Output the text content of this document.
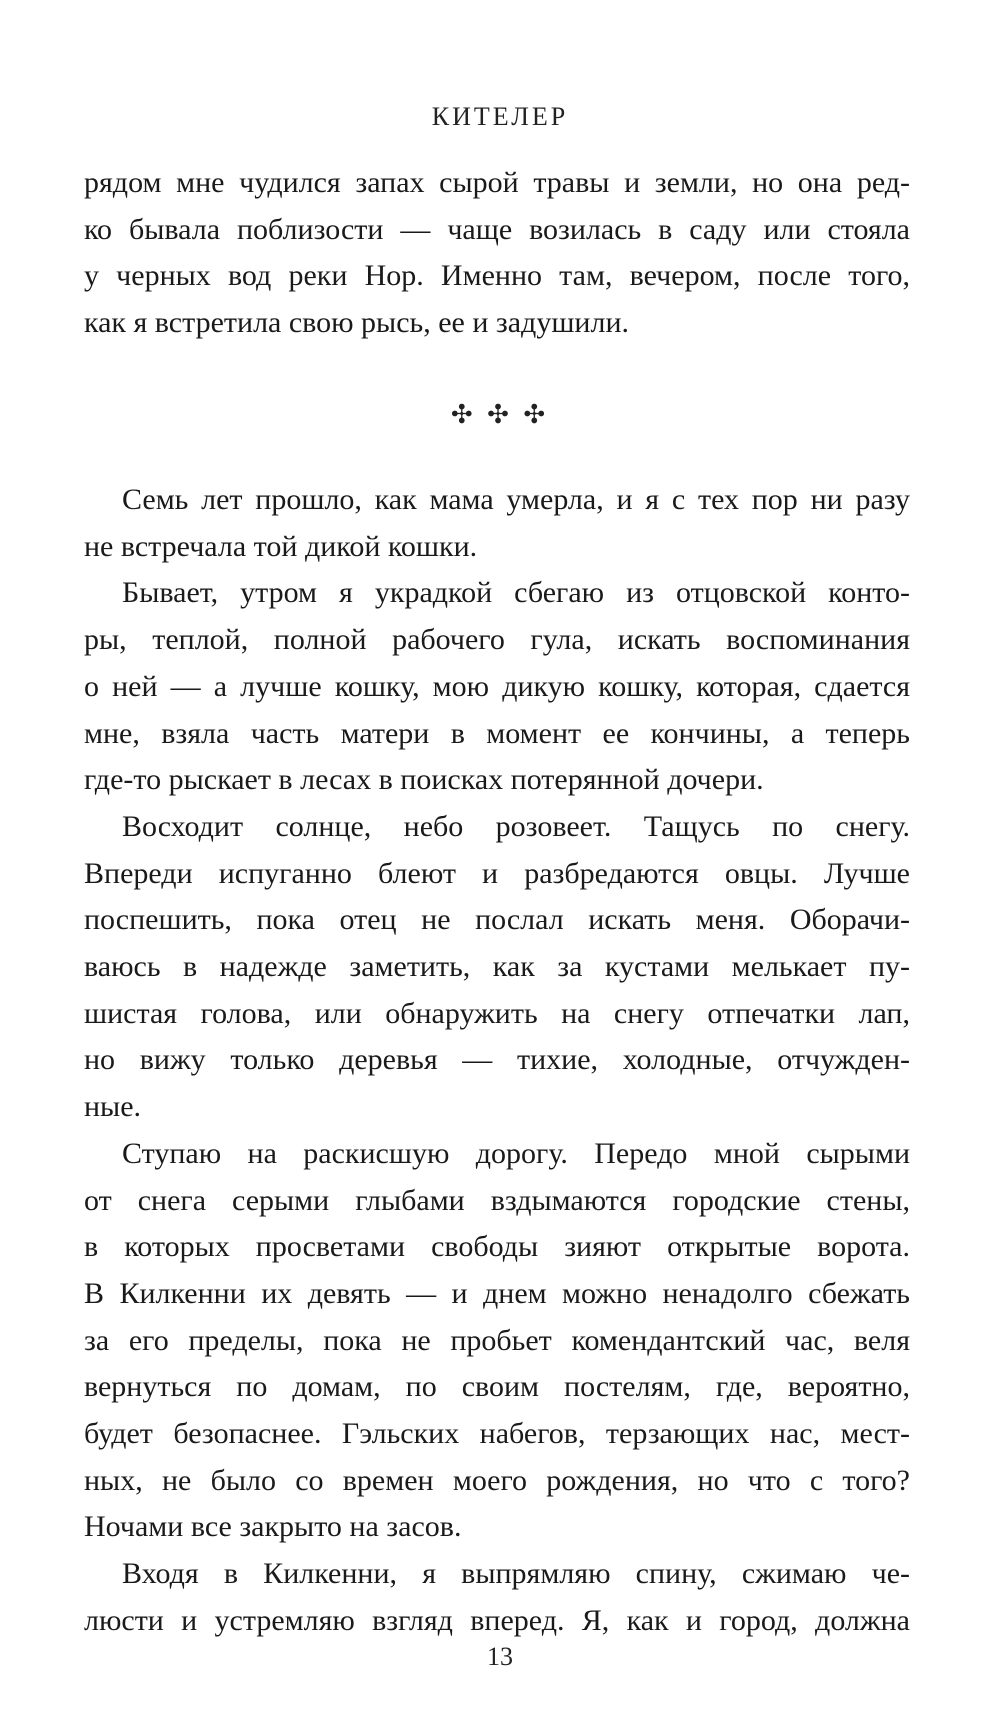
КИТЕЛЕР

рядом мне чудился запах сырой травы и земли, но она ред-
ко бывала поблизости — чаще возилась в саду или стояла
у черных вод реки Нор. Именно там, вечером, после того,
как я встретила свою рысь, ее и задушили.

✣ ✣ ✣

Семь лет прошло, как мама умерла, и я с тех пор ни разу
не встречала той дикой кошки.

Бывает, утром я украдкой сбегаю из отцовской конто-
ры, теплой, полной рабочего гула, искать воспоминания
о ней — а лучше кошку, мою дикую кошку, которая, сдается
мне, взяла часть матери в момент ее кончины, а теперь
где-то рыскает в лесах в поисках потерянной дочери.

Восходит солнце, небо розовеет. Тащусь по снегу.
Впереди испуганно блеют и разбредаются овцы. Лучше
поспешить, пока отец не послал искать меня. Оборачи-
ваюсь в надежде заметить, как за кустами мелькает пу-
шистая голова, или обнаружить на снегу отпечатки лап,
но вижу только деревья — тихие, холодные, отчужден-
ные.

Ступаю на раскисшую дорогу. Передо мной сырыми
от снега серыми глыбами вздымаются городские стены,
в которых просветами свободы зияют открытые ворота.
В Килкенни их девять — и днем можно ненадолго сбежать
за его пределы, пока не пробьет комендантский час, веля
вернуться по домам, по своим постелям, где, вероятно,
будет безопаснее. Гэльских набегов, терзающих нас, мест-
ных, не было со времен моего рождения, но что с того?
Ночами все закрыто на засов.

Входя в Килкенни, я выпрямляю спину, сжимаю че-
люсти и устремляю взгляд вперед. Я, как и город, должна

13
